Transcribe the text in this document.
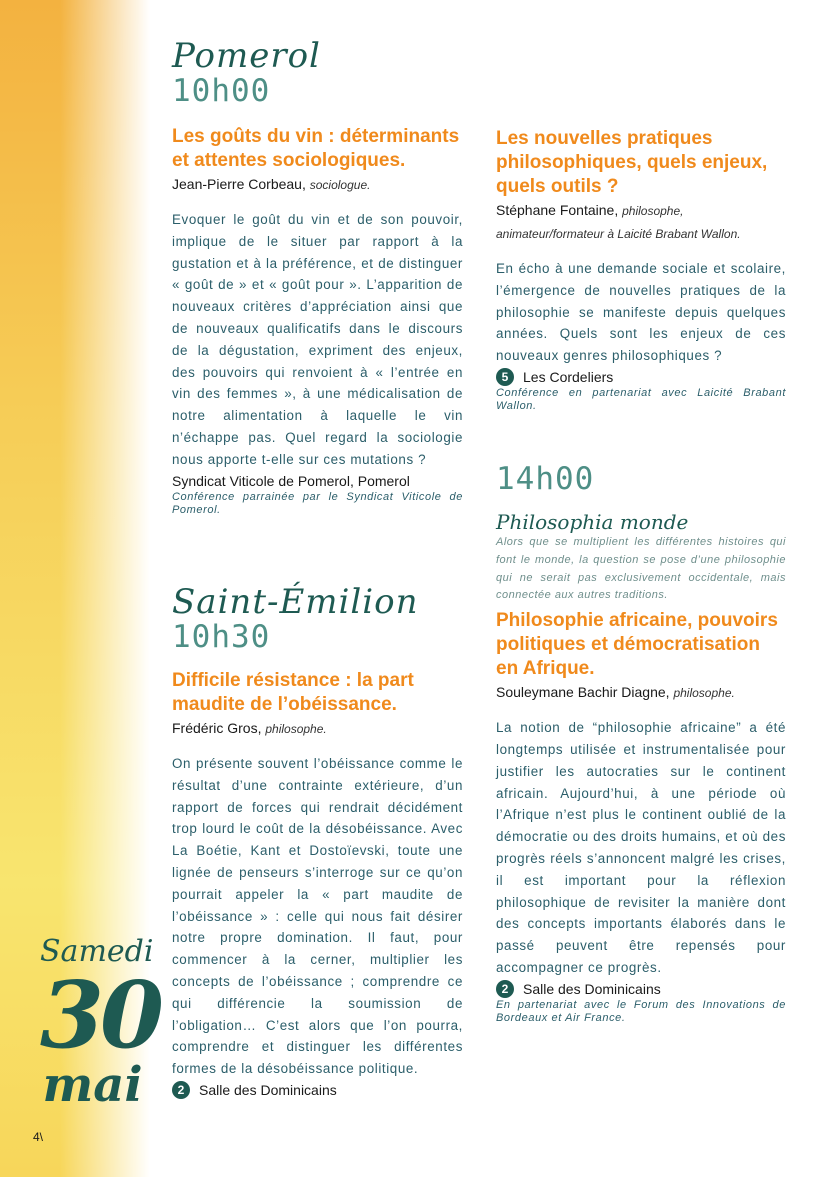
Pomerol
10h00
Les goûts du vin : déterminants et attentes sociologiques.
Jean-Pierre Corbeau, sociologue.
Evoquer le goût du vin et de son pouvoir, implique de le situer par rapport à la gustation et à la préférence, et de distinguer « goût de » et « goût pour ». L’apparition de nouveaux critères d’appréciation ainsi que de nouveaux qualificatifs dans le discours de la dégustation, expriment des enjeux, des pouvoirs qui renvoient à « l’entrée en vin des femmes », à une médicalisation de notre alimentation à laquelle le vin n’échappe pas. Quel regard la sociologie nous apporte t-elle sur ces mutations ?
Syndicat Viticole de Pomerol, Pomerol
Conférence parrainée par le Syndicat Viticole de Pomerol.
Saint-Émilion
10h30
Difficile résistance : la part maudite de l’obéissance.
Frédéric Gros, philosophe.
On présente souvent l’obéissance comme le résultat d’une contrainte extérieure, d’un rapport de forces qui rendrait décidément trop lourd le coût de la désobéissance. Avec La Boétie, Kant et Dostoïevski, toute une lignée de penseurs s’interroge sur ce qu’on pourrait appeler la « part maudite de l’obéissance » : celle qui nous fait désirer notre propre domination. Il faut, pour commencer à la cerner, multiplier les concepts de l’obéissance ; comprendre ce qui différencie la soumission de l’obligation… C’est alors que l’on pourra, comprendre et distinguer les différentes formes de la désobéissance politique.
2	Salle des Dominicains
Les nouvelles pratiques philosophiques, quels enjeux, quels outils ?
Stéphane Fontaine, philosophe, animateur/formateur à Laicité Brabant Wallon.
En écho à une demande sociale et scolaire, l’émergence de nouvelles pratiques de la philosophie se manifeste depuis quelques années. Quels sont les enjeux de ces nouveaux genres philosophiques ?
5	Les Cordeliers
Conférence en partenariat avec Laicité Brabant Wallon.
14h00
Philosophia monde
Alors que se multiplient les différentes histoires qui font le monde, la question se pose d’une philosophie qui ne serait pas exclusivement occidentale, mais connectée aux autres traditions.
Philosophie africaine, pouvoirs politiques et démocratisation en Afrique.
Souleymane Bachir Diagne, philosophe.
La notion de “philosophie africaine” a été longtemps utilisée et instrumentalisée pour justifier les autocraties sur le continent africain. Aujourd’hui, à une période où l’Afrique n’est plus le continent oublié de la démocratie ou des droits humains, et où des progrès réels s’annoncent malgré les crises, il est important pour la réflexion philosophique de revisiter la manière dont des concepts importants élaborés dans le passé peuvent être repensés pour accompagner ce progrès.
2	Salle des Dominicains
En partenariat avec le Forum des Innovations de Bordeaux et Air France.
Samedi
30
mai
4\
